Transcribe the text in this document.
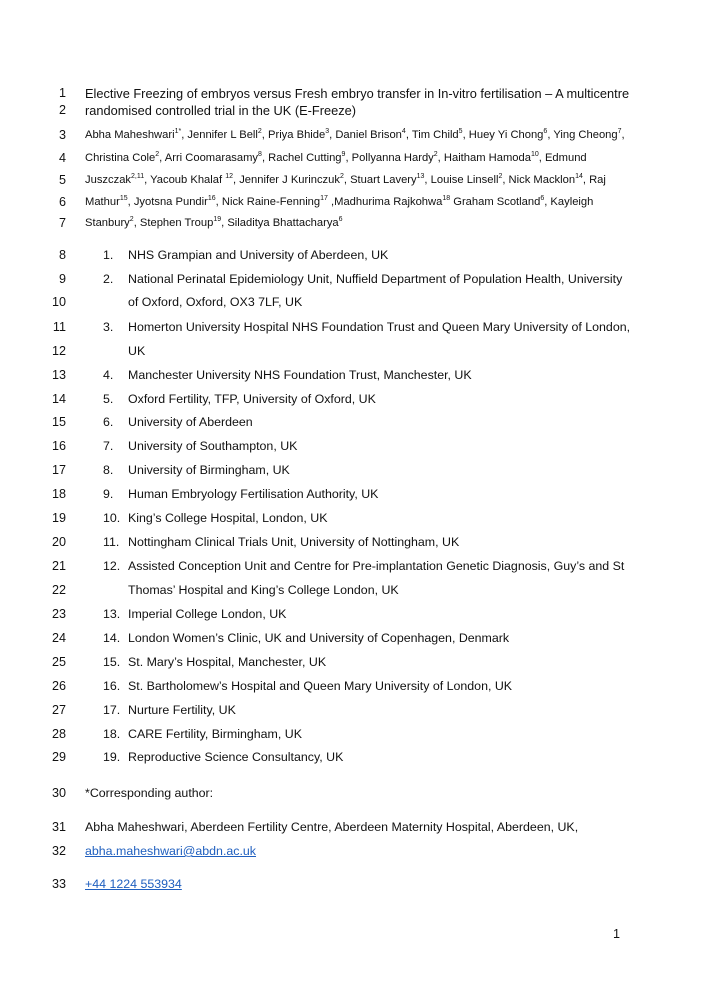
1 Elective Freezing of embryos versus Fresh embryo transfer in In-vitro fertilisation – A multicentre
2 randomised controlled trial in the UK (E-Freeze)
3 Abha Maheshwari$^{1*}$, Jennifer L Bell$^2$, Priya Bhide$^3$, Daniel Brison$^4$, Tim Child$^5$, Huey Yi Chong$^6$, Ying Cheong$^7$,
4 Christina Cole$^2$, Arri Coomarasamy$^8$, Rachel Cutting$^9$, Pollyanna Hardy$^2$, Haitham Hamoda$^{10}$, Edmund
5 Juszczak$^{2,11}$, Yacoub Khalaf $^{12}$, Jennifer J Kurinczuk$^2$, Stuart Lavery$^{13}$, Louise Linsell$^2$, Nick Macklon$^{14}$, Raj
6 Mathur$^{15}$, Jyotsna Pundir$^{16}$, Nick Raine-Fenning$^{17}$ ,Madhurima Rajkohwa$^{18}$ Graham Scotland$^6$, Kayleigh
7 Stanbury$^2$, Stephen Troup$^{19}$, Siladitya Bhattacharya$^6$
8	1. NHS Grampian and University of Aberdeen, UK
9	2. National Perinatal Epidemiology Unit, Nuffield Department of Population Health, University
10	of Oxford, Oxford, OX3 7LF, UK
11	3. Homerton University Hospital NHS Foundation Trust and Queen Mary University of London,
12	UK
13	4. Manchester University NHS Foundation Trust, Manchester, UK
14	5. Oxford Fertility, TFP, University of Oxford, UK
15	6. University of Aberdeen
16	7. University of Southampton, UK
17	8. University of Birmingham, UK
18	9. Human Embryology Fertilisation Authority, UK
19	10. King’s College Hospital, London, UK
20	11. Nottingham Clinical Trials Unit, University of Nottingham, UK
21	12. Assisted Conception Unit and Centre for Pre-implantation Genetic Diagnosis, Guy’s and St
22	Thomas’ Hospital and King’s College London, UK
23	13. Imperial College London, UK
24	14. London Women’s Clinic, UK and University of Copenhagen, Denmark
25	15. St. Mary’s Hospital, Manchester, UK
26	16. St. Bartholomew’s Hospital and Queen Mary University of London, UK
27	17. Nurture Fertility, UK
28	18. CARE Fertility, Birmingham, UK
29	19. Reproductive Science Consultancy, UK
30 *Corresponding author:
31 Abha Maheshwari, Aberdeen Fertility Centre, Aberdeen Maternity Hospital, Aberdeen, UK,
32 abha.maheshwari@abdn.ac.uk
33 +44 1224 553934
1
